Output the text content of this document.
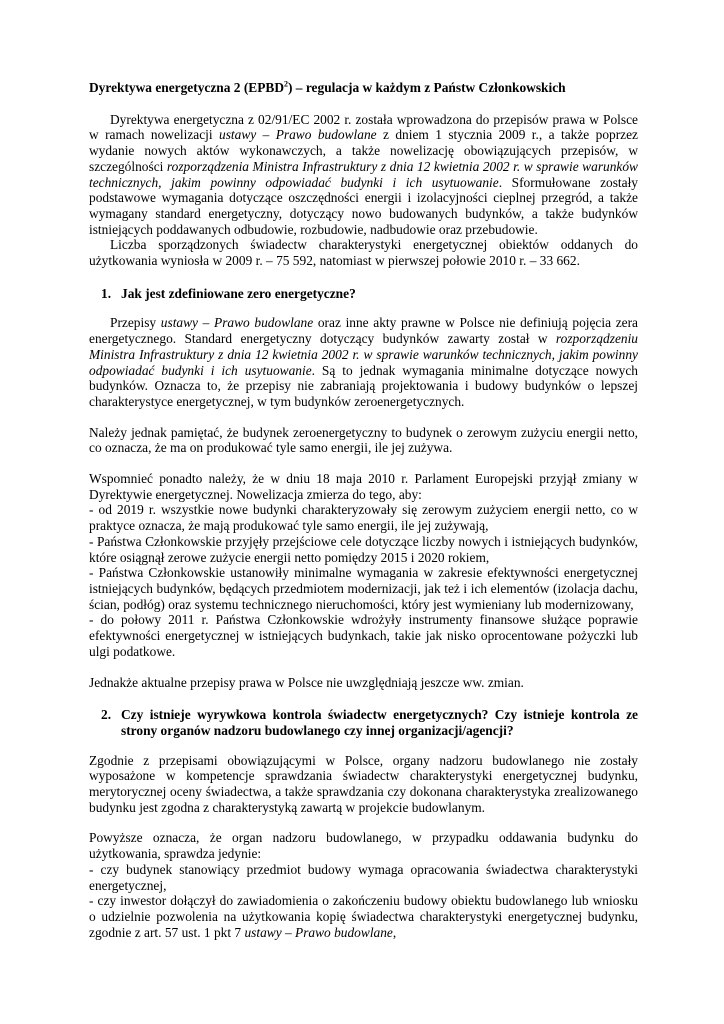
Dyrektywa energetyczna 2 (EPBD$^2$) – regulacja w każdym z Państw Członkowskich

Dyrektywa energetyczna z 02/91/EC 2002 r. została wprowadzona do przepisów prawa w Polsce w ramach nowelizacji ustawy – Prawo budowlane z dniem 1 stycznia 2009 r., a także poprzez wydanie nowych aktów wykonawczych, a także nowelizację obowiązujących przepisów, w szczególności rozporządzenia Ministra Infrastruktury z dnia 12 kwietnia 2002 r. w sprawie warunków technicznych, jakim powinny odpowiadać budynki i ich usytuowanie. Sformułowane zostały podstawowe wymagania dotyczące oszczędności energii i izolacyjności cieplnej przegród, a także wymagany standard energetyczny, dotyczący nowo budowanych budynków, a także budynków istniejących poddawanych odbudowie, rozbudowie, nadbudowie oraz przebudowie.

Liczba sporządzonych świadectw charakterystyki energetycznej obiektów oddanych do użytkowania wyniosła w 2009 r. – 75 592, natomiast w pierwszej połowie 2010 r. – 33 662.

1. Jak jest zdefiniowane zero energetyczne?

Przepisy ustawy – Prawo budowlane oraz inne akty prawne w Polsce nie definiują pojęcia zera energetycznego. Standard energetyczny dotyczący budynków zawarty został w rozporządzeniu Ministra Infrastruktury z dnia 12 kwietnia 2002 r. w sprawie warunków technicznych, jakim powinny odpowiadać budynki i ich usytuowanie. Są to jednak wymagania minimalne dotyczące nowych budynków. Oznacza to, że przepisy nie zabraniają projektowania i budowy budynków o lepszej charakterystyce energetycznej, w tym budynków zeroenergetycznych.

Należy jednak pamiętać, że budynek zeroenergetyczny to budynek o zerowym zużyciu energii netto, co oznacza, że ma on produkować tyle samo energii, ile jej zużywa.

Wspomnieć ponadto należy, że w dniu 18 maja 2010 r. Parlament Europejski przyjął zmiany w Dyrektywie energetycznej. Nowelizacja zmierza do tego, aby:

- od 2019 r. wszystkie nowe budynki charakteryzowały się zerowym zużyciem energii netto, co w praktyce oznacza, że mają produkować tyle samo energii, ile jej zużywają,

- Państwa Członkowskie przyjęły przejściowe cele dotyczące liczby nowych i istniejących budynków, które osiągnął zerowe zużycie energii netto pomiędzy 2015 i 2020 rokiem,

- Państwa Członkowskie ustanowiły minimalne wymagania w zakresie efektywności energetycznej istniejących budynków, będących przedmiotem modernizacji, jak też i ich elementów (izolacja dachu, ścian, podłóg) oraz systemu technicznego nieruchomości, który jest wymieniany lub modernizowany,

- do połowy 2011 r. Państwa Członkowskie wdrożyły instrumenty finansowe służące poprawie efektywności energetycznej w istniejących budynkach, takie jak nisko oprocentowane pożyczki lub ulgi podatkowe.

Jednakże aktualne przepisy prawa w Polsce nie uwzględniają jeszcze ww. zmian.

2. Czy istnieje wyrywkowa kontrola świadectw energetycznych? Czy istnieje kontrola ze strony organów nadzoru budowlanego czy innej organizacji/agencji?

Zgodnie z przepisami obowiązującymi w Polsce, organy nadzoru budowlanego nie zostały wyposażone w kompetencje sprawdzania świadectw charakterystyki energetycznej budynku, merytorycznej oceny świadectwa, a także sprawdzania czy dokonana charakterystyka zrealizowanego budynku jest zgodna z charakterystyką zawartą w projekcie budowlanym.

Powyższe oznacza, że organ nadzoru budowlanego, w przypadku oddawania budynku do użytkowania, sprawdza jedynie:

- czy budynek stanowiący przedmiot budowy wymaga opracowania świadectwa charakterystyki energetycznej,

- czy inwestor dołączył do zawiadomienia o zakończeniu budowy obiektu budowlanego lub wniosku o udzielnie pozwolenia na użytkowania kopię świadectwa charakterystyki energetycznej budynku, zgodnie z art. 57 ust. 1 pkt 7 ustawy – Prawo budowlane,
